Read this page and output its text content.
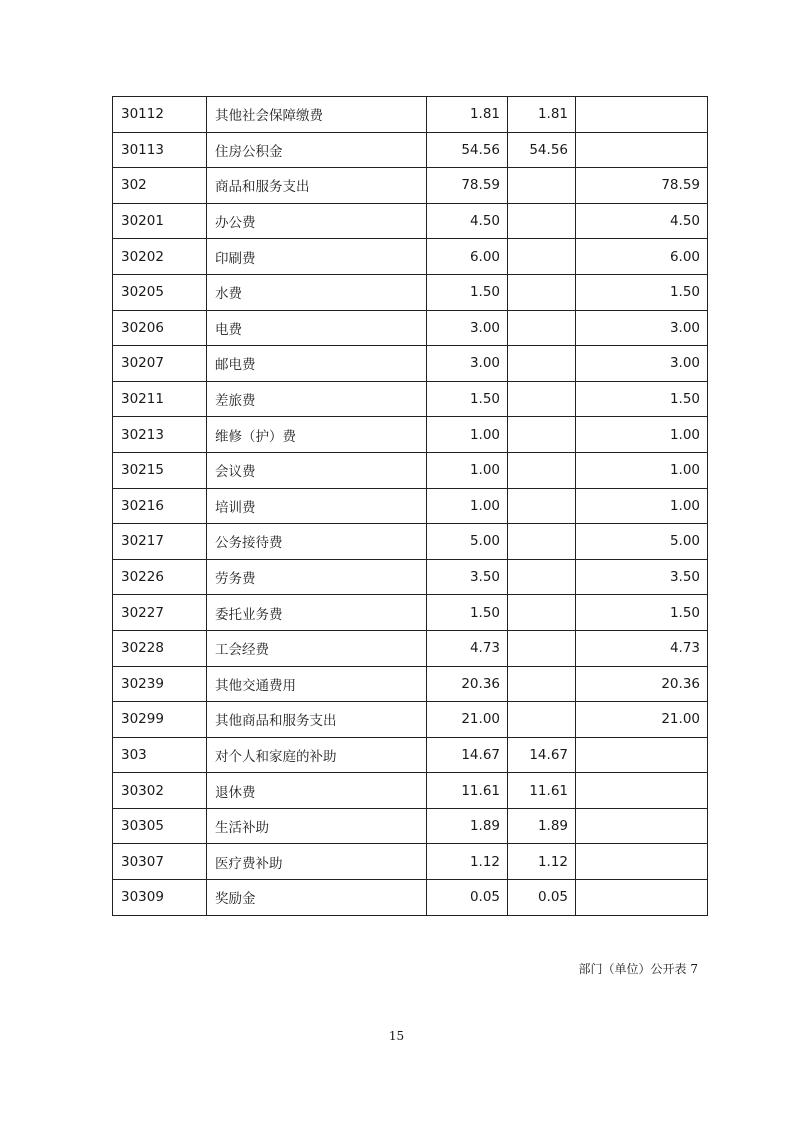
30112	其他社会保障缴费	1.81	1.81	
30113	住房公积金	54.56	54.56	
302	商品和服务支出	78.59		78.59
30201	办公费	4.50		4.50
30202	印刷费	6.00		6.00
30205	水费	1.50		1.50
30206	电费	3.00		3.00
30207	邮电费	3.00		3.00
30211	差旅费	1.50		1.50
30213	维修（护）费	1.00		1.00
30215	会议费	1.00		1.00
30216	培训费	1.00		1.00
30217	公务接待费	5.00		5.00
30226	劳务费	3.50		3.50
30227	委托业务费	1.50		1.50
30228	工会经费	4.73		4.73
30239	其他交通费用	20.36		20.36
30299	其他商品和服务支出	21.00		21.00
303	对个人和家庭的补助	14.67	14.67	
30302	退休费	11.61	11.61	
30305	生活补助	1.89	1.89	
30307	医疗费补助	1.12	1.12	
30309	奖励金	0.05	0.05	
部门（单位）公开表 7
15
